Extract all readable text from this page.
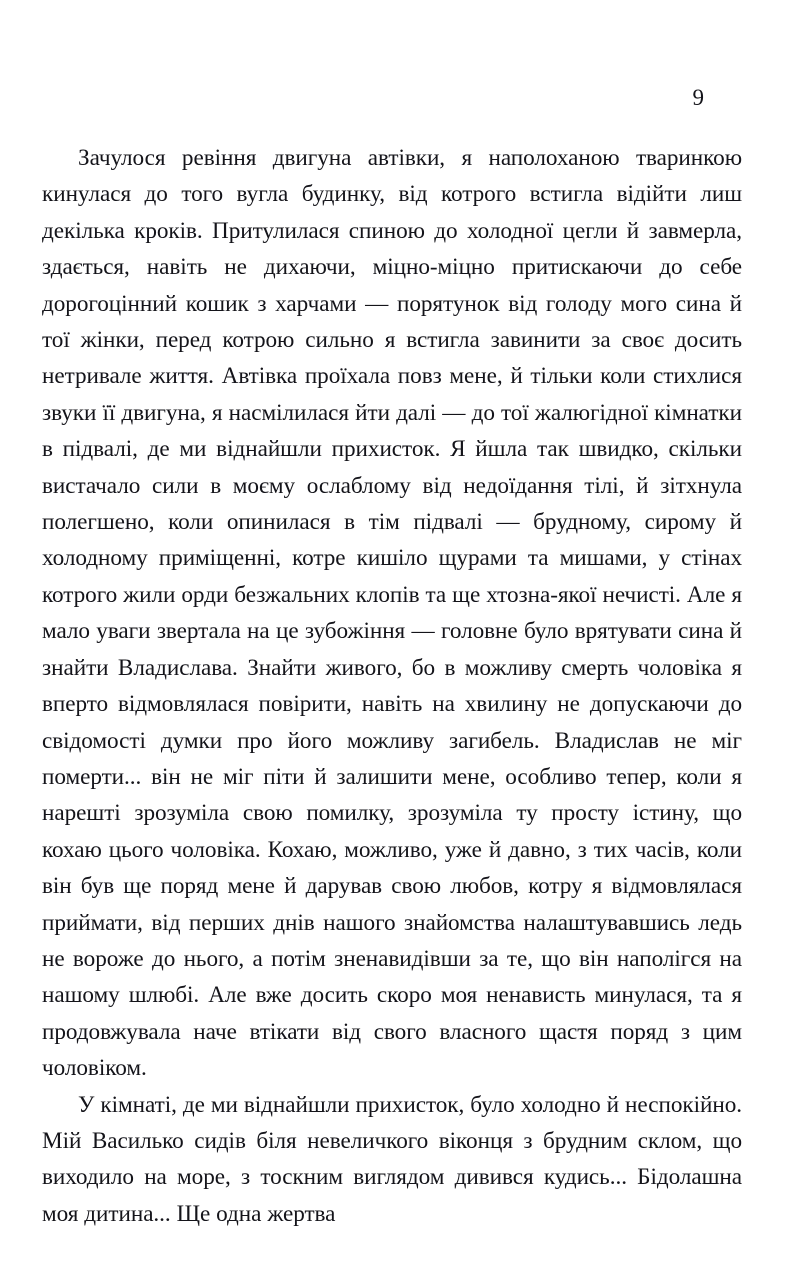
9

Зачулося ревіння двигуна автівки, я наполоханою тваринкою кинулася до того вугла будинку, від котрого встигла відійти лиш декілька кроків. Притулилася спиною до холодної цегли й завмерла, здається, навіть не дихаючи, міцно-міцно притискаючи до себе дорогоцінний кошик з харчами — порятунок від голоду мого сина й тої жінки, перед котрою сильно я встигла завинити за своє досить нетривале життя. Автівка проїхала повз мене, й тільки коли стихлися звуки її двигуна, я насмілилася йти далі — до тої жалюгідної кімнатки в підвалі, де ми віднайшли прихисток. Я йшла так швидко, скільки вистачало сили в моєму ослаблому від недоїдання тілі, й зітхнула полегшено, коли опинилася в тім підвалі — брудному, сирому й холодному приміщенні, котре кишіло щурами та мишами, у стінах котрого жили орди безжальних клопів та ще хтозна-якої нечисті. Але я мало уваги звертала на це зубожіння — головне було врятувати сина й знайти Владислава. Знайти живого, бо в можливу смерть чоловіка я вперто відмовлялася повірити, навіть на хвилину не допускаючи до свідомості думки про його можливу загибель. Владислав не міг померти... він не міг піти й залишити мене, особливо тепер, коли я нарешті зрозуміла свою помилку, зрозуміла ту просту істину, що кохаю цього чоловіка. Кохаю, можливо, уже й давно, з тих часів, коли він був ще поряд мене й дарував свою любов, котру я відмовлялася приймати, від перших днів нашого знайомства налаштувавшись ледь не вороже до нього, а потім зненавидівши за те, що він наполігся на нашому шлюбі. Але вже досить скоро моя ненависть минулася, та я продовжувала наче втікати від свого власного щастя поряд з цим чоловіком.

У кімнаті, де ми віднайшли прихисток, було холодно й неспокійно. Мій Василько сидів біля невеличкого віконця з брудним склом, що виходило на море, з тоскним виглядом дивився кудись... Бідолашна моя дитина... Ще одна жертва
